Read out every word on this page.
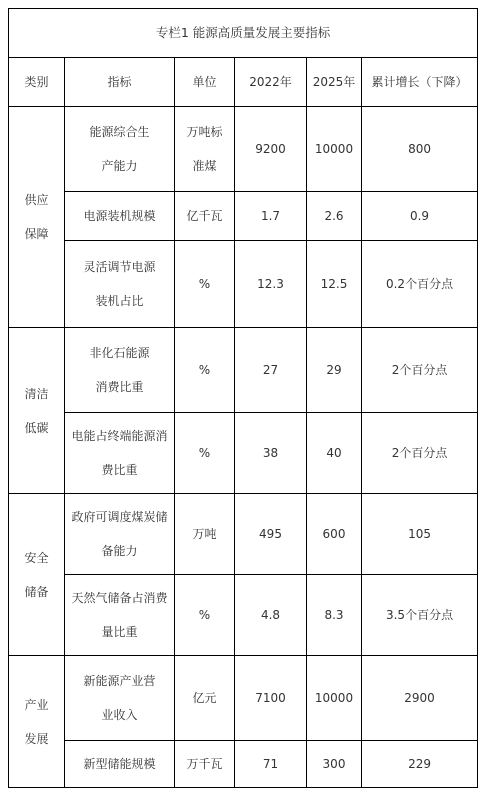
专栏1 能源高质量发展主要指标					
类别	指标	单位	2022年	2025年	累计增长（下降）
供应保障	能源综合生产能力	万吨标准煤	9200	10000	800
	电源装机规模	亿千瓦	1.7	2.6	0.9
	灵活调节电源装机占比	%	12.3	12.5	0.2个百分点
清洁低碳	非化石能源消费比重	%	27	29	2个百分点
	电能占终端能源消费比重	%	38	40	2个百分点
安全储备	政府可调度煤炭储备能力	万吨	495	600	105
	天然气储备占消费量比重	%	4.8	8.3	3.5个百分点
产业发展	新能源产业营业收入	亿元	7100	10000	2900
	新型储能规模	万千瓦	71	300	229
